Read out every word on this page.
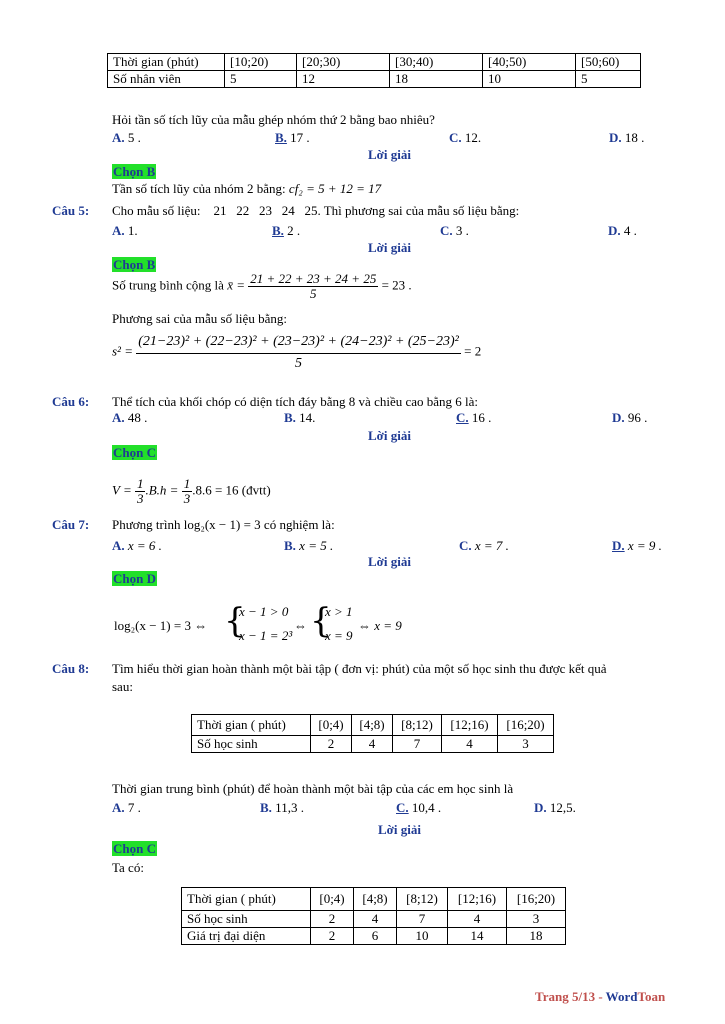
Thời gian (phút)	[10;20)	[20;30)	[30;40)	[40;50)	[50;60)
Số nhân viên	5	12	18	10	5
Hỏi tần số tích lũy của mẫu ghép nhóm thứ 2 bằng bao nhiêu?
A. 5 .	B. 17 .	C. 12.	D. 18 .
Lời giải
Chọn B
Tần số tích lũy của nhóm 2 bằng: cf₂ = 5 + 12 = 17
Câu 5: Cho mẫu số liệu: 21   22   23   24   25. Thì phương sai của mẫu số liệu bằng:
A. 1.	B. 2 .	C. 3 .	D. 4 .
Lời giải
Chọn B
Số trung bình cộng là x̄ = $\frac{21 + 22 + 23 + 24 + 25}{5} = 23$ .
Phương sai của mẫu số liệu bằng:
$s^2 = \frac{\text{(21−23)² + (22−23)² + (23−23)² + (24−23)² + (25−23)²}}{5} = 2$
Câu 6: Thể tích của khối chóp có diện tích đáy bằng 8 và chiều cao bằng 6 là:
A. 48 .	B. 14.	C. 16 .	D. 96 .
Lời giải
Chọn C
$V = \frac{1}{3} .B.h = \frac{1}{3} .8.6 = 16$ (đvtt)
Câu 7: Phương trình log₂(x − 1) = 3 có nghiệm là:
A. x = 6 .	B. x = 5 .	C. x = 7 .	D. x = 9 .
Lời giải
Chọn D
log₂(x − 1) = 3 ⇔ {
x − 1 > 0
x − 1 = 2³
⇔ {
x > 1
x = 9
⇔ x = 9
Câu 8: Tìm hiểu thời gian hoàn thành một bài tập ( đơn vị: phút) của một số học sinh thu được kết quả
sau:
Thời gian ( phút)	[0;4)	[4;8)	[8;12)	[12;16)	[16;20)
Số học sinh	2	4	7	4	3
Thời gian trung bình (phút) để hoàn thành một bài tập của các em học sinh là
A. 7 .	B. 11,3 .	C. 10,4 .	D. 12,5.
Lời giải
Chọn C
Ta có:
Thời gian ( phút)	[0;4)	[4;8)	[8;12)	[12;16)	[16;20)
Số học sinh	2	4	7	4	3
Giá trị đại diện	2	6	10	14	18
Trang 5/13 - WordToan
